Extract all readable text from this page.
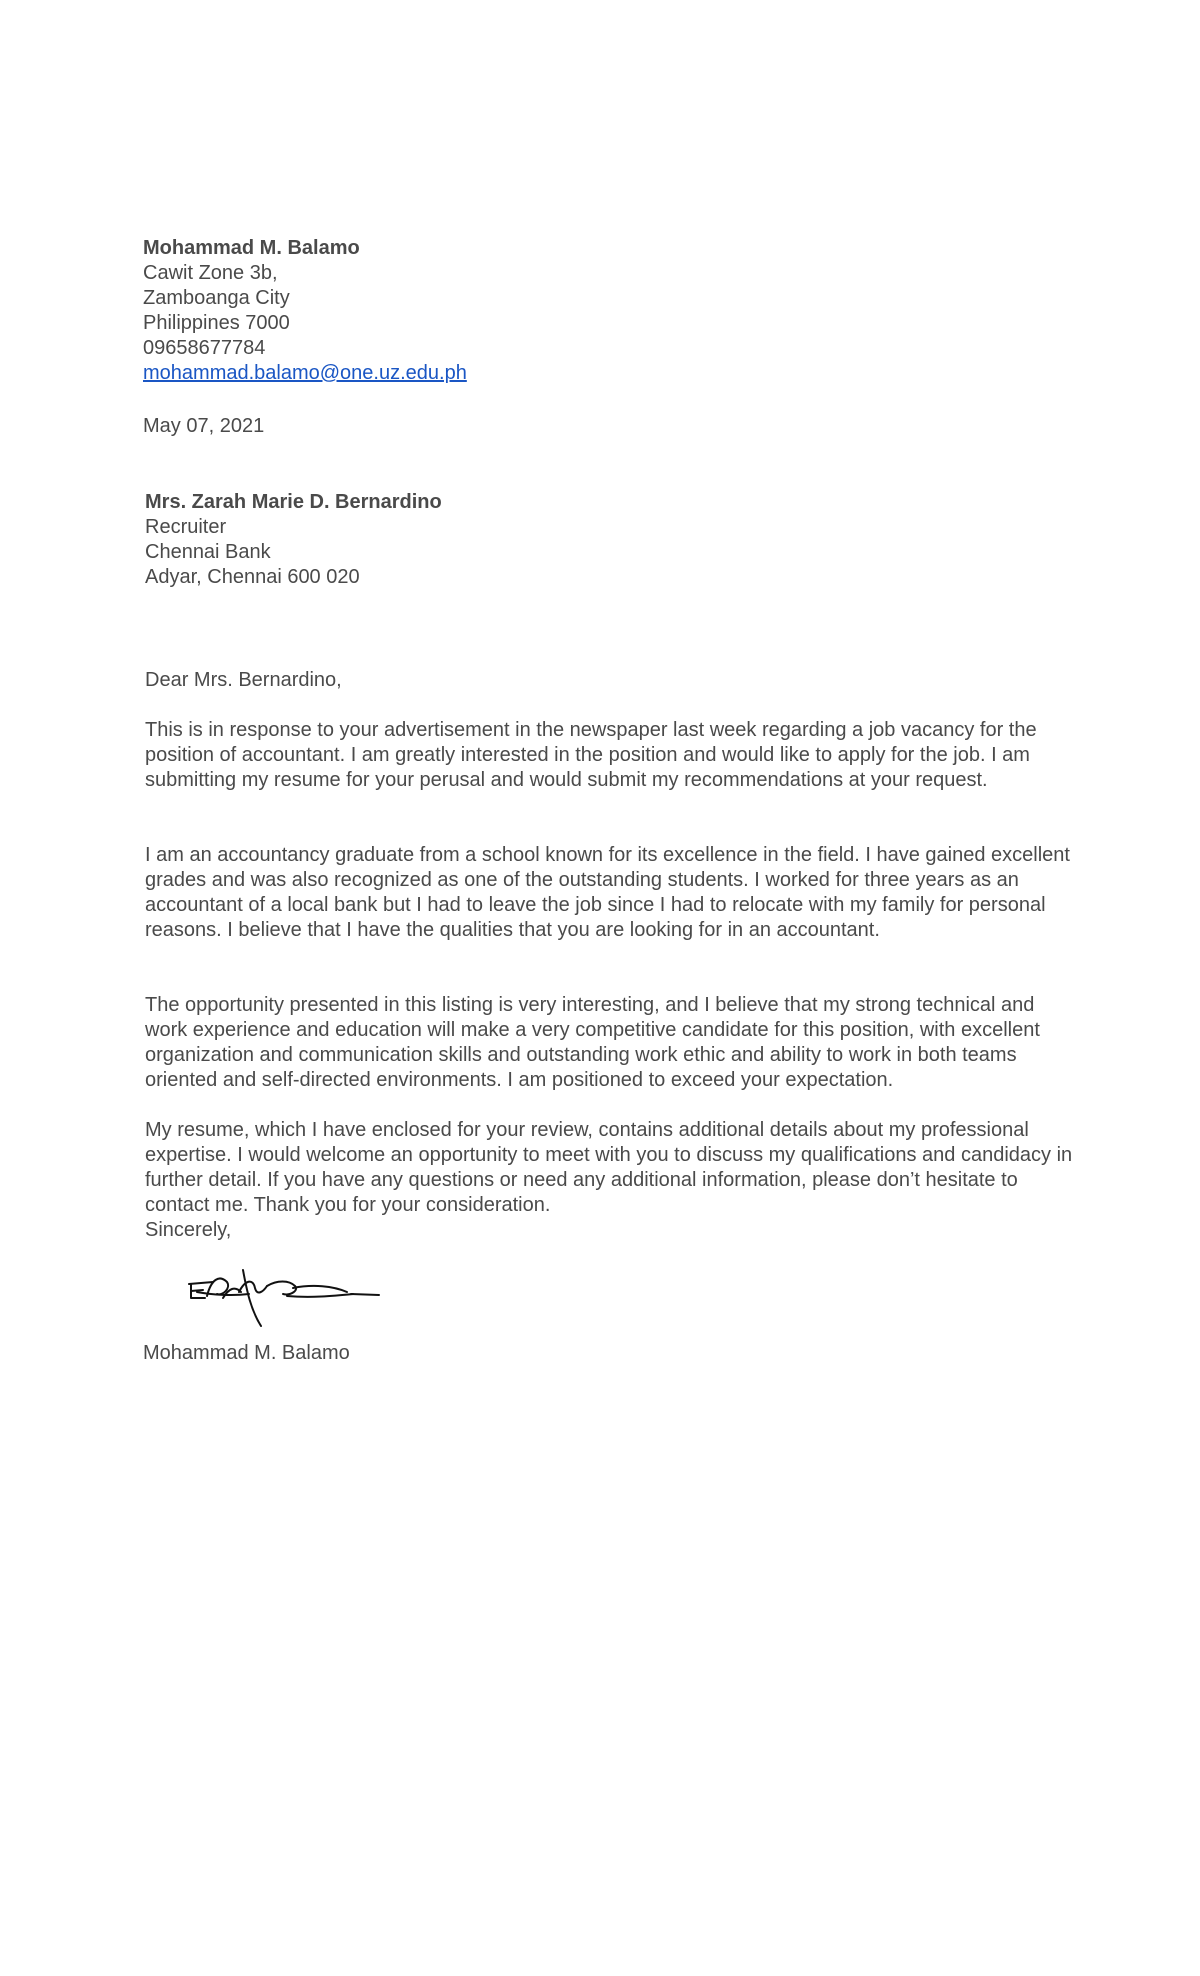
Mohammad M. Balamo
Cawit Zone 3b,
Zamboanga City
Philippines 7000
09658677784
mohammad.balamo@one.uz.edu.ph
May 07, 2021
Mrs. Zarah Marie D. Bernardino
Recruiter
Chennai Bank
Adyar, Chennai 600 020
Dear Mrs. Bernardino,
This is in response to your advertisement in the newspaper last week regarding a job vacancy for the position of accountant. I am greatly interested in the position and would like to apply for the job. I am submitting my resume for your perusal and would submit my recommendations at your request.
I am an accountancy graduate from a school known for its excellence in the field. I have gained excellent grades and was also recognized as one of the outstanding students. I worked for three years as an accountant of a local bank but I had to leave the job since I had to relocate with my family for personal reasons. I believe that I have the qualities that you are looking for in an accountant.
The opportunity presented in this listing is very interesting, and I believe that my strong technical and work experience and education will make a very competitive candidate for this position, with excellent organization and communication skills and outstanding work ethic and ability to work in both teams oriented and self-directed environments. I am positioned to exceed your expectation.
My resume, which I have enclosed for your review, contains additional details about my professional expertise. I would welcome an opportunity to meet with you to discuss my qualifications and candidacy in further detail. If you have any questions or need any additional information, please don’t hesitate to contact me. Thank you for your consideration.
Sincerely,
Mohammad M. Balamo
